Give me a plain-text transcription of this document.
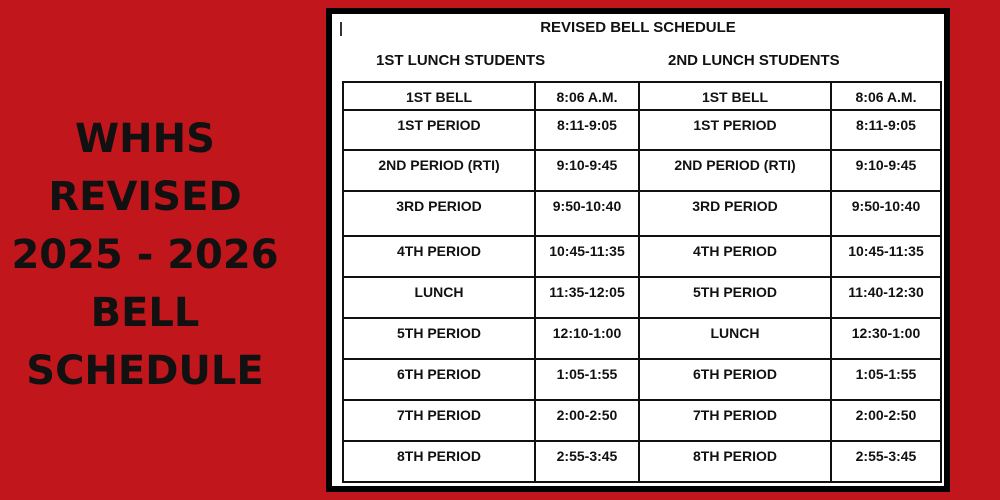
WHHS
REVISED
2025 - 2026
BELL
SCHEDULE
REVISED BELL SCHEDULE
1ST LUNCH STUDENTS	2ND LUNCH STUDENTS
1ST BELL	8:06 A.M.	1ST BELL	8:06 A.M.
1ST PERIOD	8:11-9:05	1ST PERIOD	8:11-9:05
2ND PERIOD (RTI)	9:10-9:45	2ND PERIOD (RTI)	9:10-9:45
3RD PERIOD	9:50-10:40	3RD PERIOD	9:50-10:40
4TH PERIOD	10:45-11:35	4TH PERIOD	10:45-11:35
LUNCH	11:35-12:05	5TH PERIOD	11:40-12:30
5TH PERIOD	12:10-1:00	LUNCH	12:30-1:00
6TH PERIOD	1:05-1:55	6TH PERIOD	1:05-1:55
7TH PERIOD	2:00-2:50	7TH PERIOD	2:00-2:50
8TH PERIOD	2:55-3:45	8TH PERIOD	2:55-3:45
